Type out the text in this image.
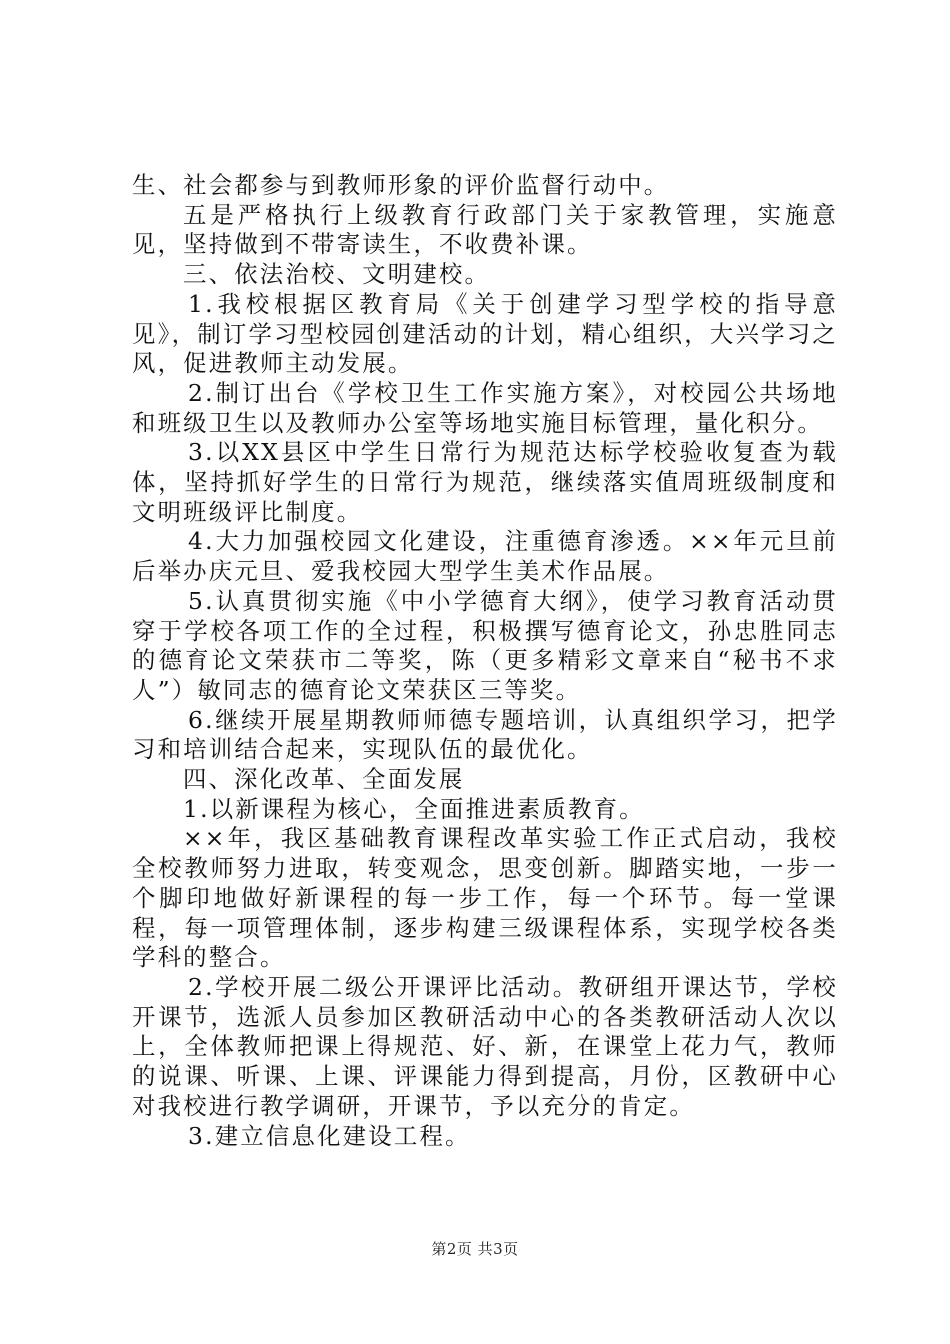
生、社会都参与到教师形象的评价监督行动中。

五是严格执行上级教育行政部门关于家教管理，实施意见，坚持做到不带寄读生，不收费补课。

三、依法治校、文明建校。

1.我校根据区教育局《关于创建学习型学校的指导意见》，制订学习型校园创建活动的计划，精心组织，大兴学习之风，促进教师主动发展。

2.制订出台《学校卫生工作实施方案》，对校园公共场地和班级卫生以及教师办公室等场地实施目标管理，量化积分。

3.以XX县区中学生日常行为规范达标学校验收复查为载体，坚持抓好学生的日常行为规范，继续落实值周班级制度和文明班级评比制度。

4.大力加强校园文化建设，注重德育渗透。××年元旦前后举办庆元旦、爱我校园大型学生美术作品展。

5.认真贯彻实施《中小学德育大纲》，使学习教育活动贯穿于学校各项工作的全过程，积极撰写德育论文，孙忠胜同志的德育论文荣获市二等奖，陈（更多精彩文章来自“秘书不求人”）敏同志的德育论文荣获区三等奖。

6.继续开展星期教师师德专题培训，认真组织学习，把学习和培训结合起来，实现队伍的最优化。

四、深化改革、全面发展

1.以新课程为核心，全面推进素质教育。

××年，我区基础教育课程改革实验工作正式启动，我校全校教师努力进取，转变观念，思变创新。脚踏实地，一步一个脚印地做好新课程的每一步工作，每一个环节。每一堂课程，每一项管理体制，逐步构建三级课程体系，实现学校各类学科的整合。

2.学校开展二级公开课评比活动。教研组开课达节，学校开课节，选派人员参加区教研活动中心的各类教研活动人次以上，全体教师把课上得规范、好、新，在课堂上花力气，教师的说课、听课、上课、评课能力得到提高，月份，区教研中心对我校进行教学调研，开课节，予以充分的肯定。

3.建立信息化建设工程。

第2页 共3页
